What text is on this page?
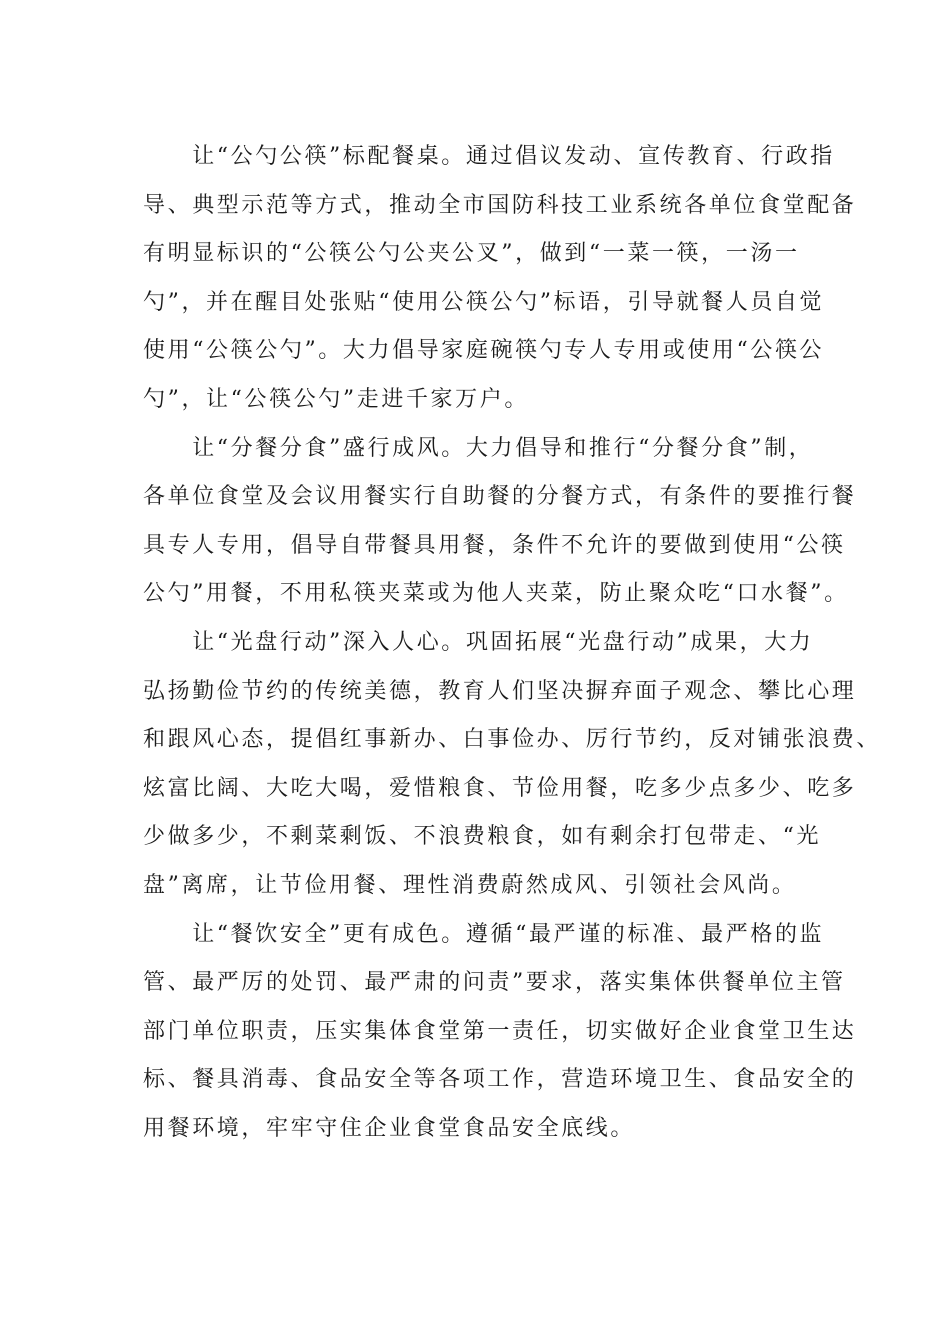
　　让“公勺公筷”标配餐桌。通过倡议发动、宣传教育、行政指
导、典型示范等方式，推动全市国防科技工业系统各单位食堂配备
有明显标识的“公筷公勺公夹公叉”，做到“一菜一筷，一汤一
勺”，并在醒目处张贴“使用公筷公勺”标语，引导就餐人员自觉
使用“公筷公勺”。大力倡导家庭碗筷勺专人专用或使用“公筷公
勺”，让“公筷公勺”走进千家万户。
　　让“分餐分食”盛行成风。大力倡导和推行“分餐分食”制，
各单位食堂及会议用餐实行自助餐的分餐方式，有条件的要推行餐
具专人专用，倡导自带餐具用餐，条件不允许的要做到使用“公筷
公勺”用餐，不用私筷夹菜或为他人夹菜，防止聚众吃“口水餐”。
　　让“光盘行动”深入人心。巩固拓展“光盘行动”成果，大力
弘扬勤俭节约的传统美德，教育人们坚决摒弃面子观念、攀比心理
和跟风心态，提倡红事新办、白事俭办、厉行节约，反对铺张浪费、
炫富比阔、大吃大喝，爱惜粮食、节俭用餐，吃多少点多少、吃多
少做多少，不剩菜剩饭、不浪费粮食，如有剩余打包带走、“光
盘”离席，让节俭用餐、理性消费蔚然成风、引领社会风尚。
　　让“餐饮安全”更有成色。遵循“最严谨的标准、最严格的监
管、最严厉的处罚、最严肃的问责”要求，落实集体供餐单位主管
部门单位职责，压实集体食堂第一责任，切实做好企业食堂卫生达
标、餐具消毒、食品安全等各项工作，营造环境卫生、食品安全的
用餐环境，牢牢守住企业食堂食品安全底线。
